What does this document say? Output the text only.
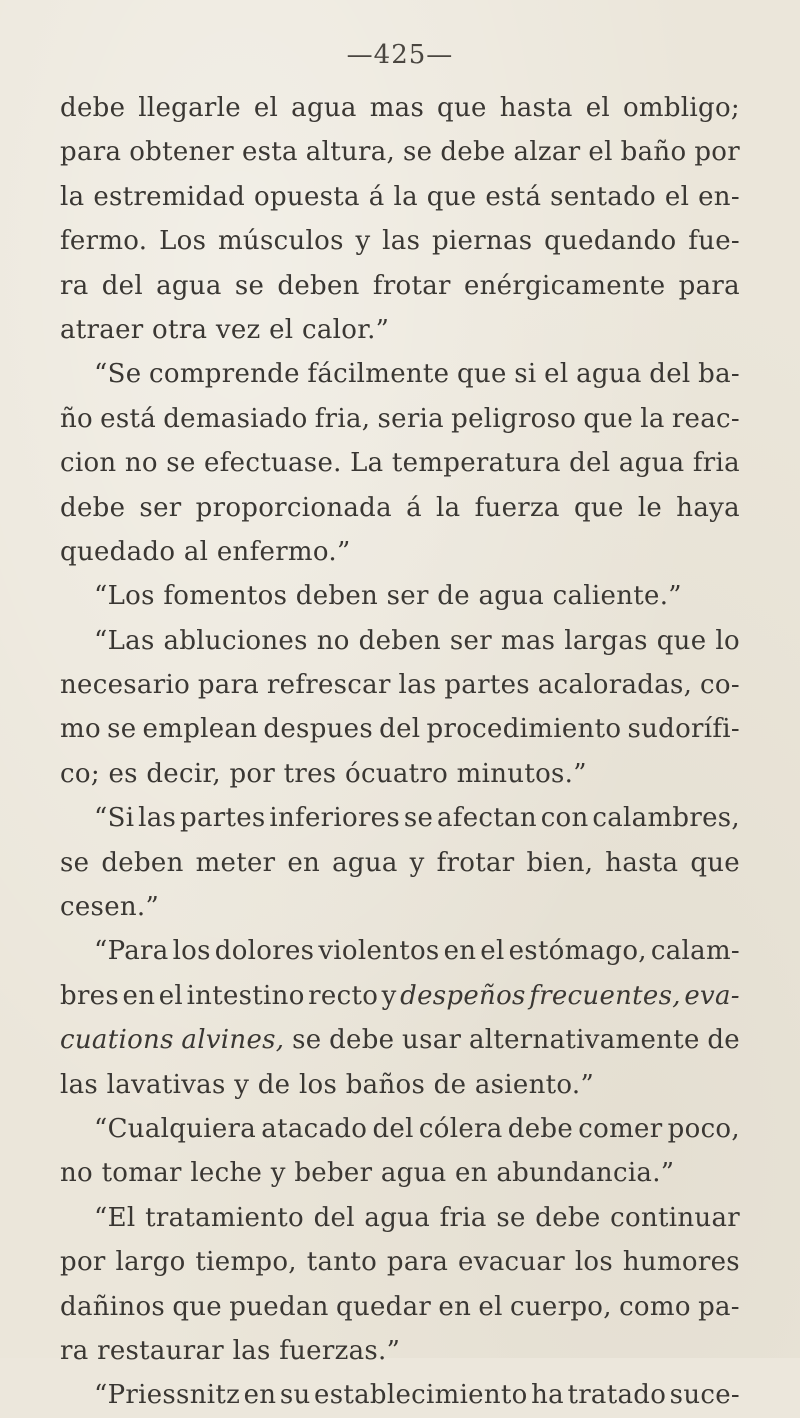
—425—
debe llegarle el agua mas que hasta el ombligo;
para obtener esta altura, se debe alzar el baño por
la estremidad opuesta á la que está sentado el en-
fermo. Los músculos y las piernas quedando fue-
ra del agua se deben frotar enérgicamente para
atraer otra vez el calor.”
“Se comprende fácilmente que si el agua del ba-
ño está demasiado fria, seria peligroso que la reac-
cion no se efectuase. La temperatura del agua fria
debe ser proporcionada á la fuerza que le haya
quedado al enfermo.”
“Los fomentos deben ser de agua caliente.”
“Las abluciones no deben ser mas largas que lo
necesario para refrescar las partes acaloradas, co-
mo se emplean despues del procedimiento sudorífi-
co; es decir, por tres ócuatro minutos.”
“Si las partes inferiores se afectan con calambres,
se deben meter en agua y frotar bien, hasta que
cesen.”
“Para los dolores violentos en el estómago, calam-
bres en el intestino recto y despeños frecuentes, eva-
cuations alvines, se debe usar alternativamente de
las lavativas y de los baños de asiento.”
“Cualquiera atacado del cólera debe comer poco,
no tomar leche y beber agua en abundancia.”
“El tratamiento del agua fria se debe continuar
por largo tiempo, tanto para evacuar los humores
dañinos que puedan quedar en el cuerpo, como pa-
ra restaurar las fuerzas.”
“Priessnitz en su establecimiento ha tratado suce-
